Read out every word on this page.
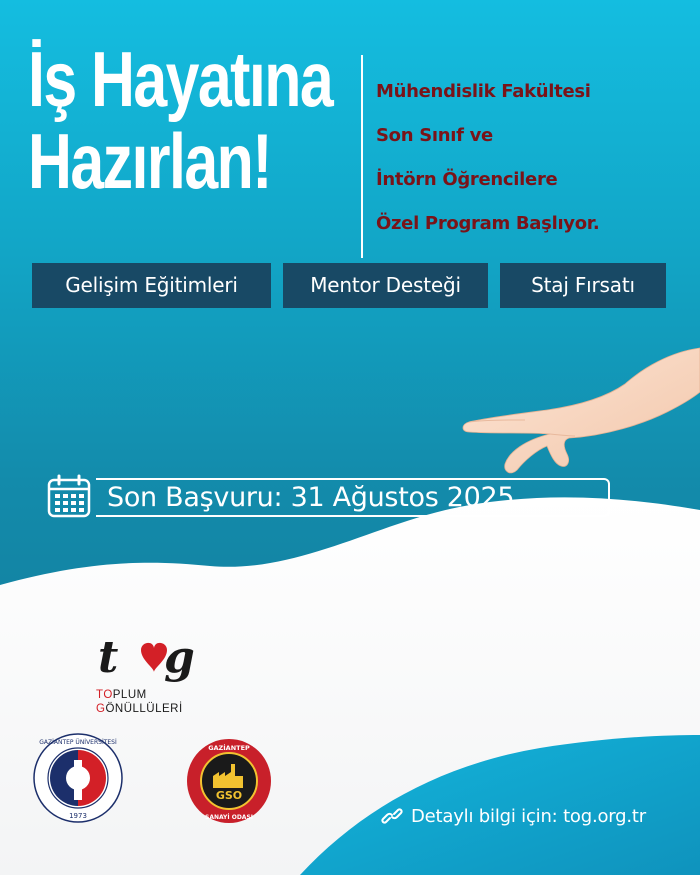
İş Hayatına
Hazırlan!
Mühendislik Fakültesi
Son Sınıf ve
İntörn Öğrencilere
Özel Program Başlıyor.
Gelişim Eğitimleri	Mentor Desteği	Staj Fırsatı
Son Başvuru: 31 Ağustos 2025
t g
TOPLUM
GÖNÜLLÜLERİ
GAZİANTEP ÜNİVERSİTESİ
1973
GSO
GAZİANTEP
SANAYİ ODASI	Detaylı bilgi için: tog.org.tr
